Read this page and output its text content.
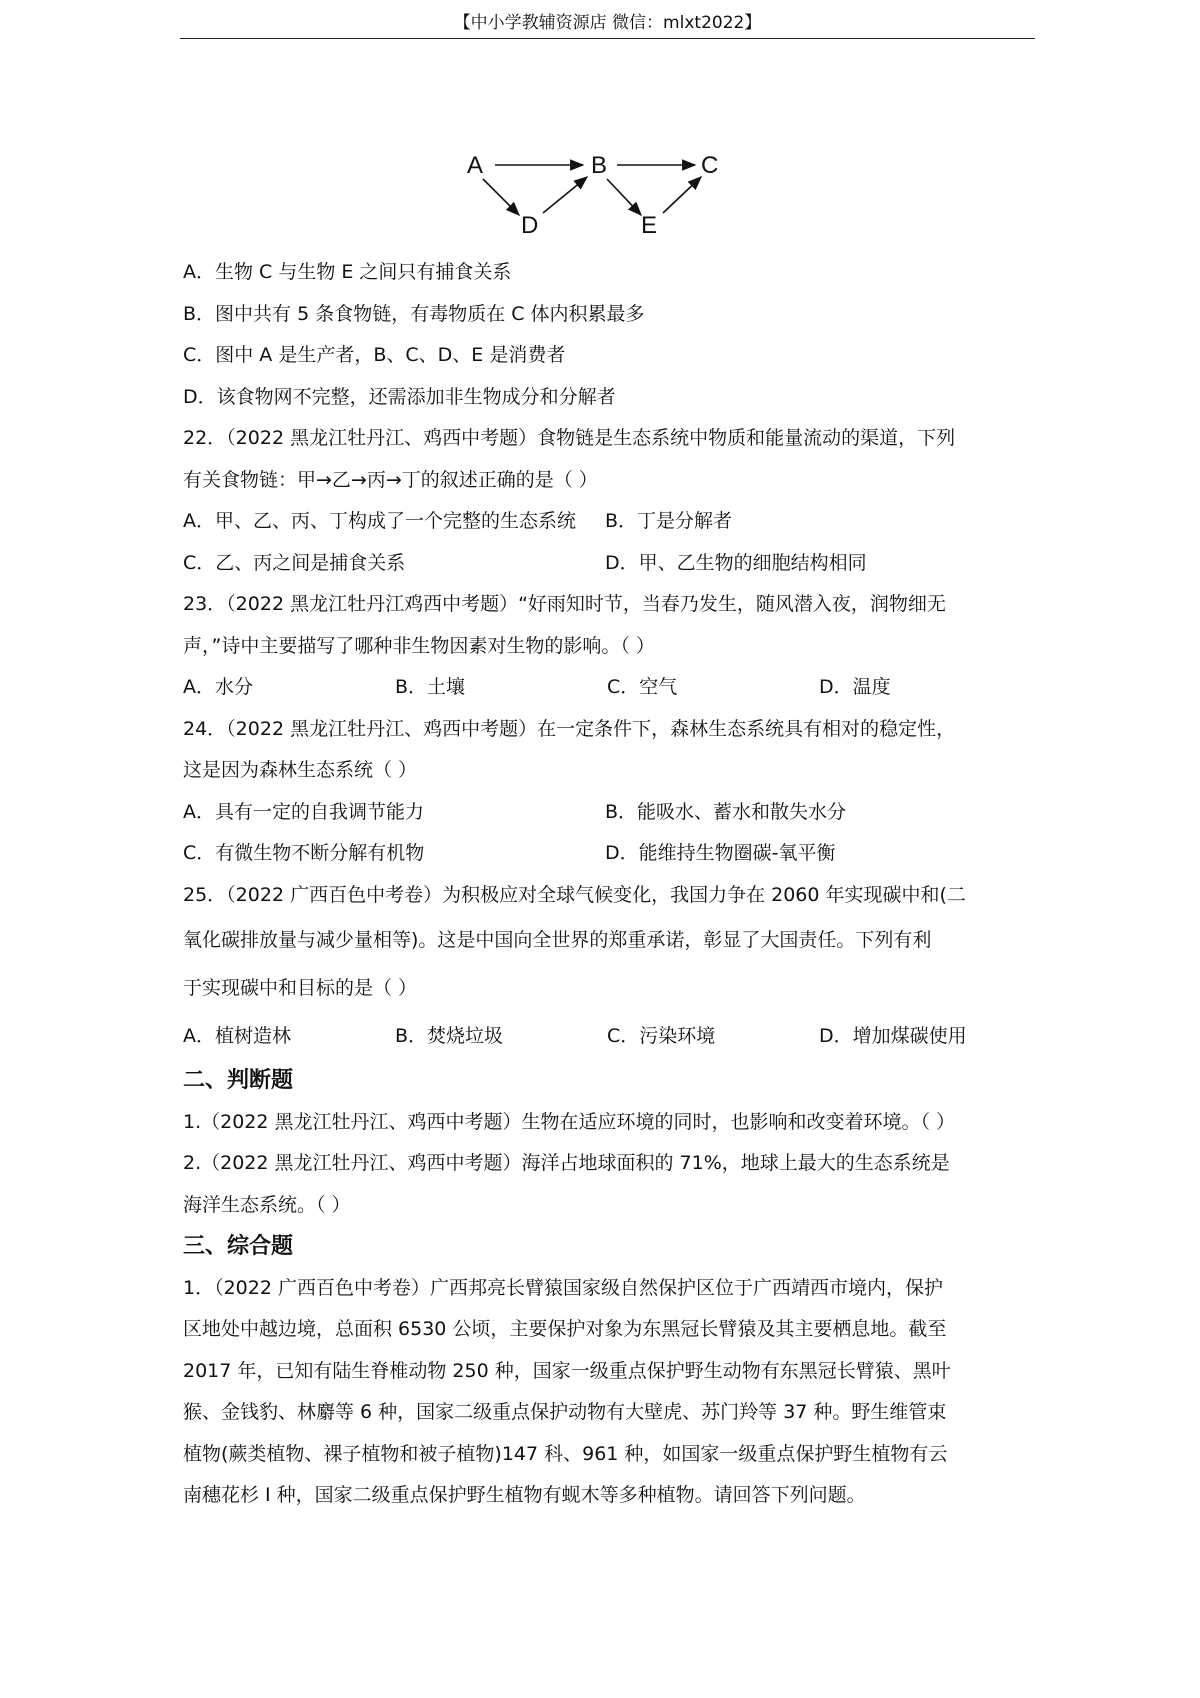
【中小学教辅资源店 微信：mlxt2022】
A	B	C
D	E
A．生物 C 与生物 E 之间只有捕食关系
B．图中共有 5 条食物链，有毒物质在 C 体内积累最多
C．图中 A 是生产者，B、C、D、E 是消费者
D．该食物网不完整，还需添加非生物成分和分解者
22．（2022 黑龙江牡丹江、鸡西中考题）食物链是生态系统中物质和能量流动的渠道，下列
有关食物链：甲→乙→丙→丁的叙述正确的是（ ）
A．甲、乙、丙、丁构成了一个完整的生态系统	B．丁是分解者
C．乙、丙之间是捕食关系	D．甲、乙生物的细胞结构相同
23．（2022 黑龙江牡丹江鸡西中考题）“好雨知时节，当春乃发生，随风潜入夜，润物细无
声，”诗中主要描写了哪种非生物因素对生物的影响。（ ）
A．水分	B．土壤	C．空气	D．温度
24．（2022 黑龙江牡丹江、鸡西中考题）在一定条件下，森林生态系统具有相对的稳定性，
这是因为森林生态系统（ ）
A．具有一定的自我调节能力	B．能吸水、蓄水和散失水分
C．有微生物不断分解有机物	D．能维持生物圈碳-氧平衡
25．（2022 广西百色中考卷）为积极应对全球气候变化，我国力争在 2060 年实现碳中和(二
氧化碳排放量与减少量相等)。这是中国向全世界的郑重承诺，彰显了大国责任。下列有利
于实现碳中和目标的是（ ）
A．植树造林	B．焚烧垃圾	C．污染环境	D．增加煤碳使用
二、判断题
1.（2022 黑龙江牡丹江、鸡西中考题）生物在适应环境的同时，也影响和改变着环境。（ ）
2.（2022 黑龙江牡丹江、鸡西中考题）海洋占地球面积的 71%，地球上最大的生态系统是
海洋生态系统。（ ）
三、综合题
1．（2022 广西百色中考卷）广西邦亮长臂猿国家级自然保护区位于广西靖西市境内，保护
区地处中越边境，总面积 6530 公顷，主要保护对象为东黑冠长臂猿及其主要栖息地。截至
2017 年，已知有陆生脊椎动物 250 种，国家一级重点保护野生动物有东黑冠长臂猿、黑叶
猴、金钱豹、林麝等 6 种，国家二级重点保护动物有大壁虎、苏门羚等 37 种。野生维管束
植物(蕨类植物、裸子植物和被子植物)147 科、961 种，如国家一级重点保护野生植物有云
南穗花杉 I 种，国家二级重点保护野生植物有蚬木等多种植物。请回答下列问题。
